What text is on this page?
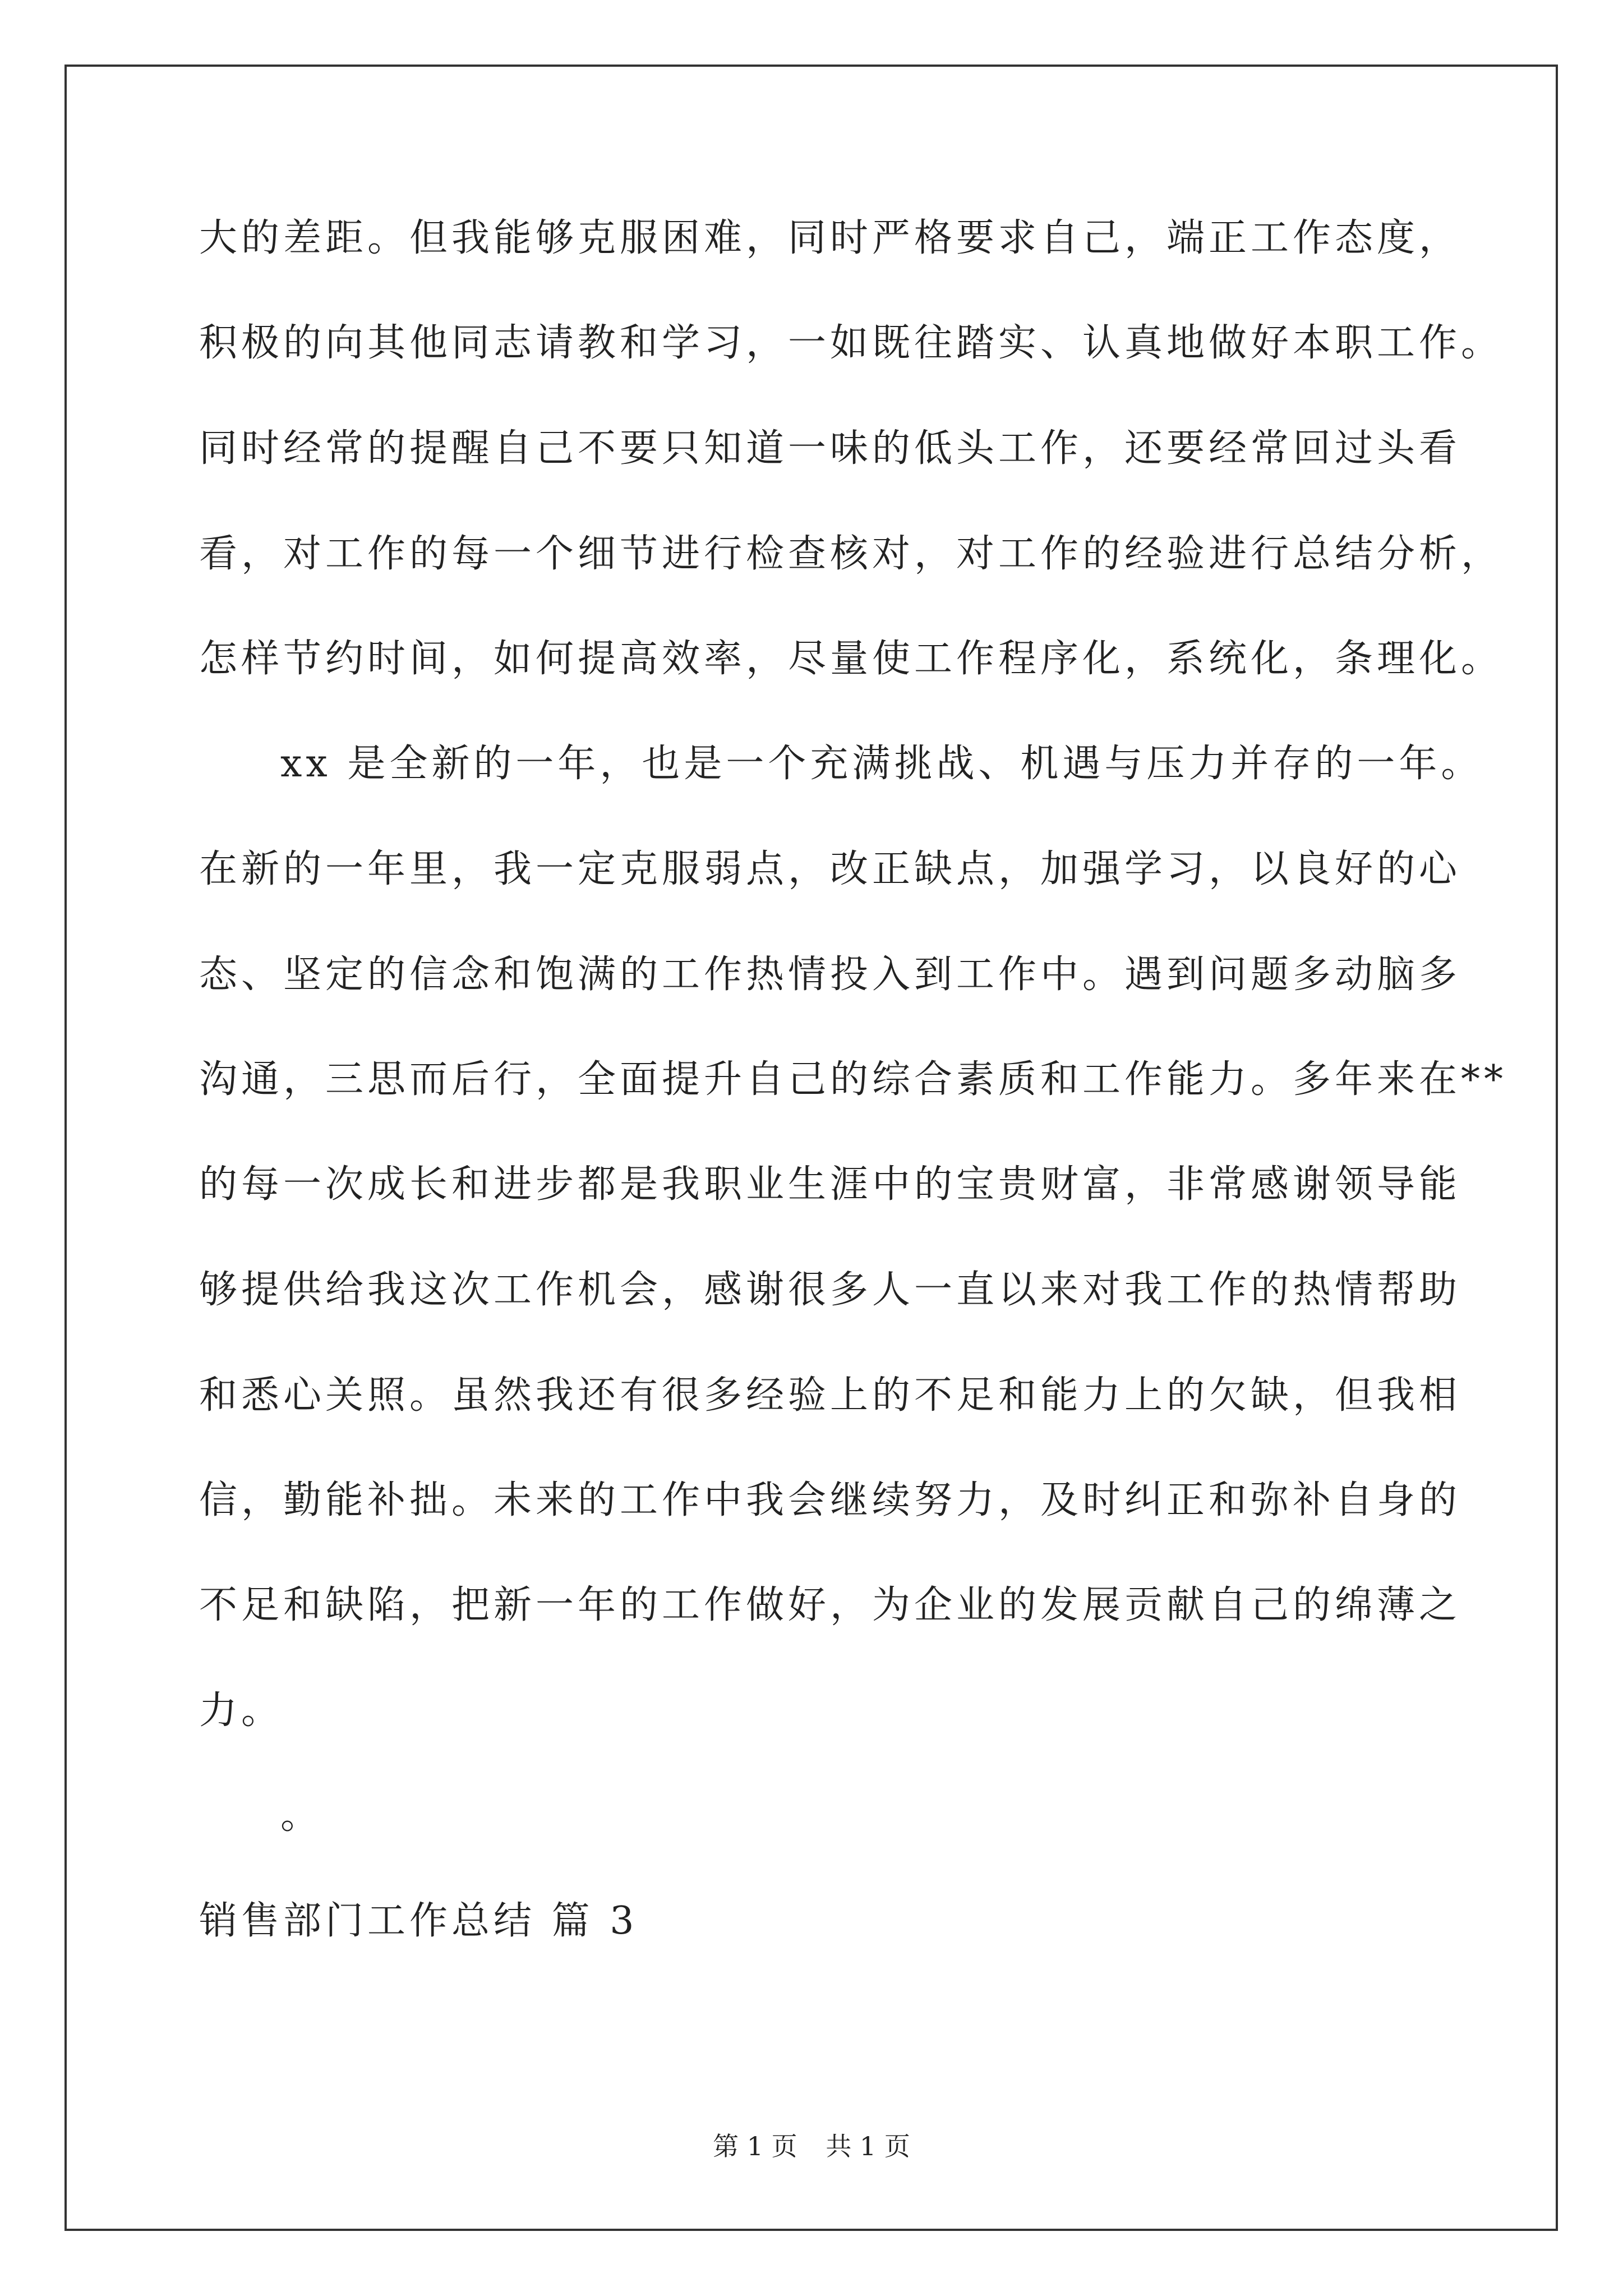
大的差距。但我能够克服困难，同时严格要求自己，端正工作态度，
积极的向其他同志请教和学习，一如既往踏实、认真地做好本职工作。
同时经常的提醒自己不要只知道一味的低头工作，还要经常回过头看
看，对工作的每一个细节进行检查核对，对工作的经验进行总结分析，
怎样节约时间，如何提高效率，尽量使工作程序化，系统化，条理化。
xx 是全新的一年，也是一个充满挑战、机遇与压力并存的一年。
在新的一年里，我一定克服弱点，改正缺点，加强学习，以良好的心
态、坚定的信念和饱满的工作热情投入到工作中。遇到问题多动脑多
沟通，三思而后行，全面提升自己的综合素质和工作能力。多年来在**
的每一次成长和进步都是我职业生涯中的宝贵财富，非常感谢领导能
够提供给我这次工作机会，感谢很多人一直以来对我工作的热情帮助
和悉心关照。虽然我还有很多经验上的不足和能力上的欠缺，但我相
信，勤能补拙。未来的工作中我会继续努力，及时纠正和弥补自身的
不足和缺陷，把新一年的工作做好，为企业的发展贡献自己的绵薄之
力。
。
销售部门工作总结 篇 3
第 1 页 共 1 页
